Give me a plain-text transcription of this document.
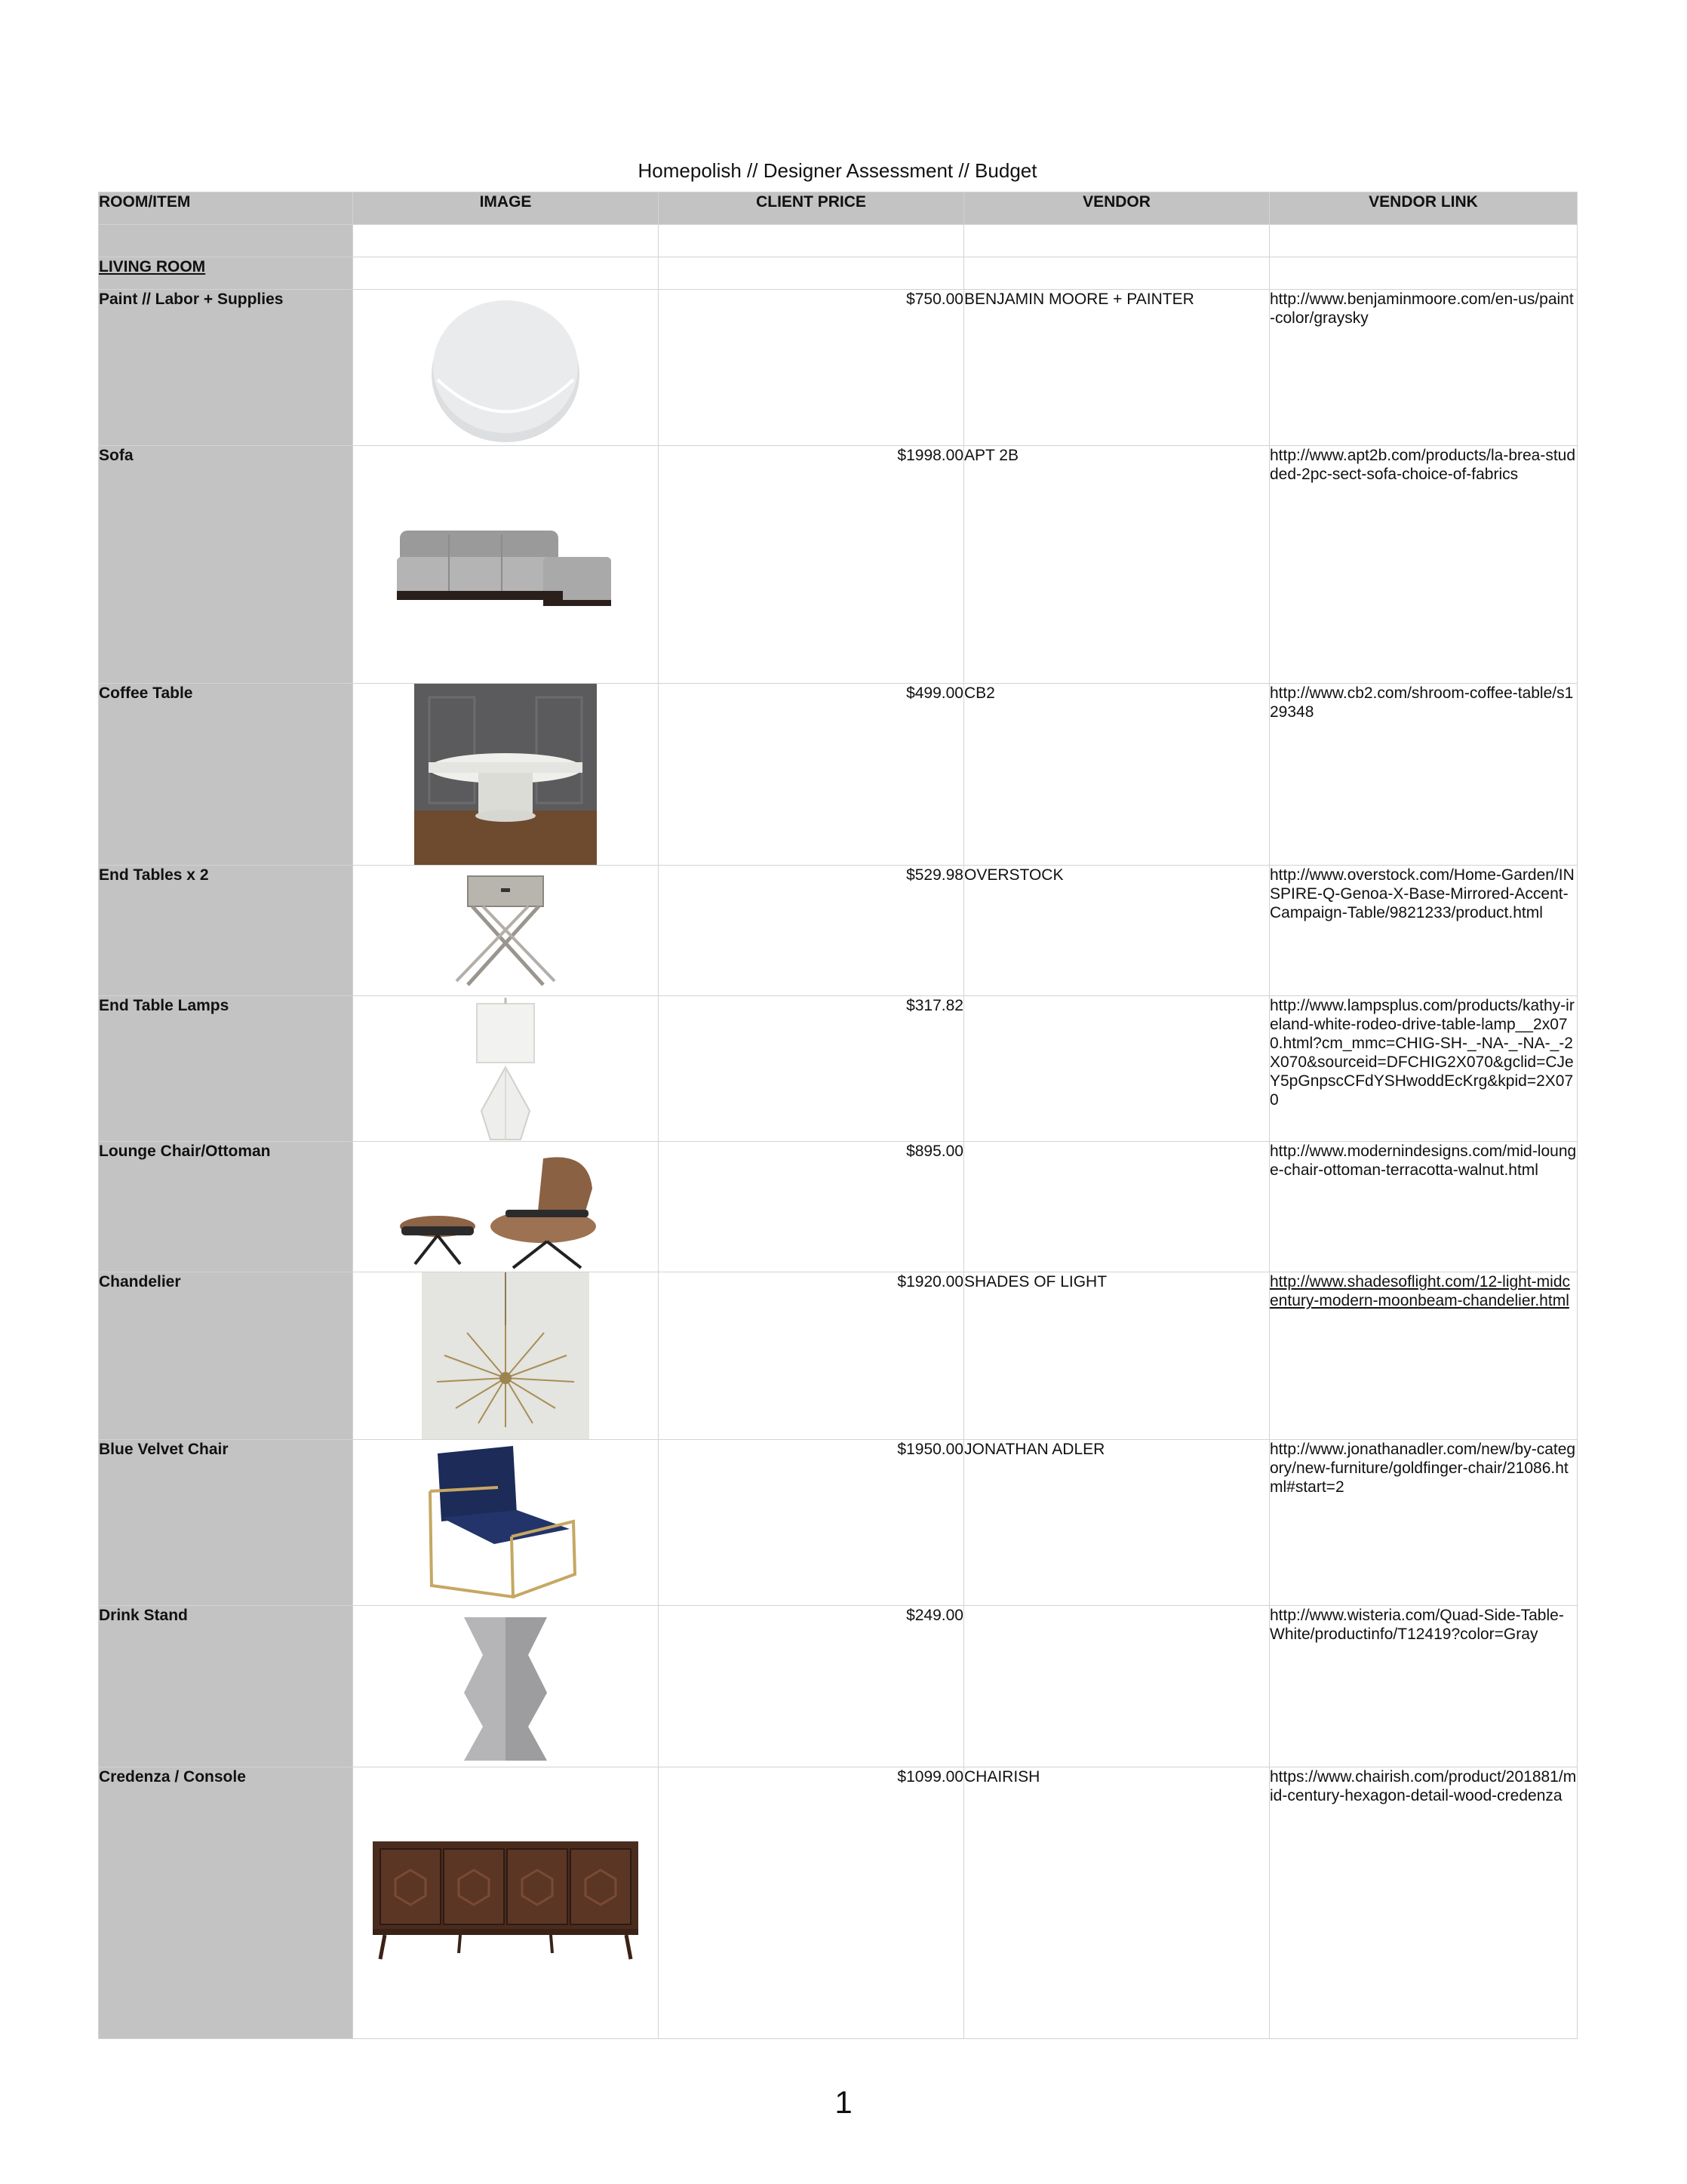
Homepolish // Designer Assessment // Budget
ROOM/ITEM	IMAGE	CLIENT PRICE	VENDOR	VENDOR LINK

LIVING ROOM				
Paint // Labor + Supplies		$750.00	BENJAMIN MOORE + PAINTER	http://www.benjaminmoore.com/en-us/paint-color/graysky
Sofa		$1998.00	APT 2B	http://www.apt2b.com/products/la-brea-studded-2pc-sect-sofa-choice-of-fabrics
Coffee Table		$499.00	CB2	http://www.cb2.com/shroom-coffee-table/s129348
End Tables x 2		$529.98	OVERSTOCK	http://www.overstock.com/Home-Garden/INSPIRE-Q-Genoa-X-Base-Mirrored-Accent-Campaign-Table/9821233/product.html
End Table Lamps		$317.82		http://www.lampsplus.com/products/kathy-ireland-white-rodeo-drive-table-lamp__2x070.html?cm_mmc=CHIG-SH-_-NA-_-NA-_-2X070&sourceid=DFCHIG2X070&gclid=CJeY5pGnpscCFdYSHwoddEcKrg&kpid=2X070
Lounge Chair/Ottoman		$895.00		http://www.modernindesigns.com/mid-lounge-chair-ottoman-terracotta-walnut.html
Chandelier		$1920.00	SHADES OF LIGHT	http://www.shadesoflight.com/12-light-midcentury-modern-moonbeam-chandelier.html
Blue Velvet Chair		$1950.00	JONATHAN ADLER	http://www.jonathanadler.com/new/by-category/new-furniture/goldfinger-chair/21086.html#start=2
Drink Stand		$249.00		http://www.wisteria.com/Quad-Side-Table-White/productinfo/T12419?color=Gray
Credenza / Console		$1099.00	CHAIRISH	https://www.chairish.com/product/201881/mid-century-hexagon-detail-wood-credenza
1
